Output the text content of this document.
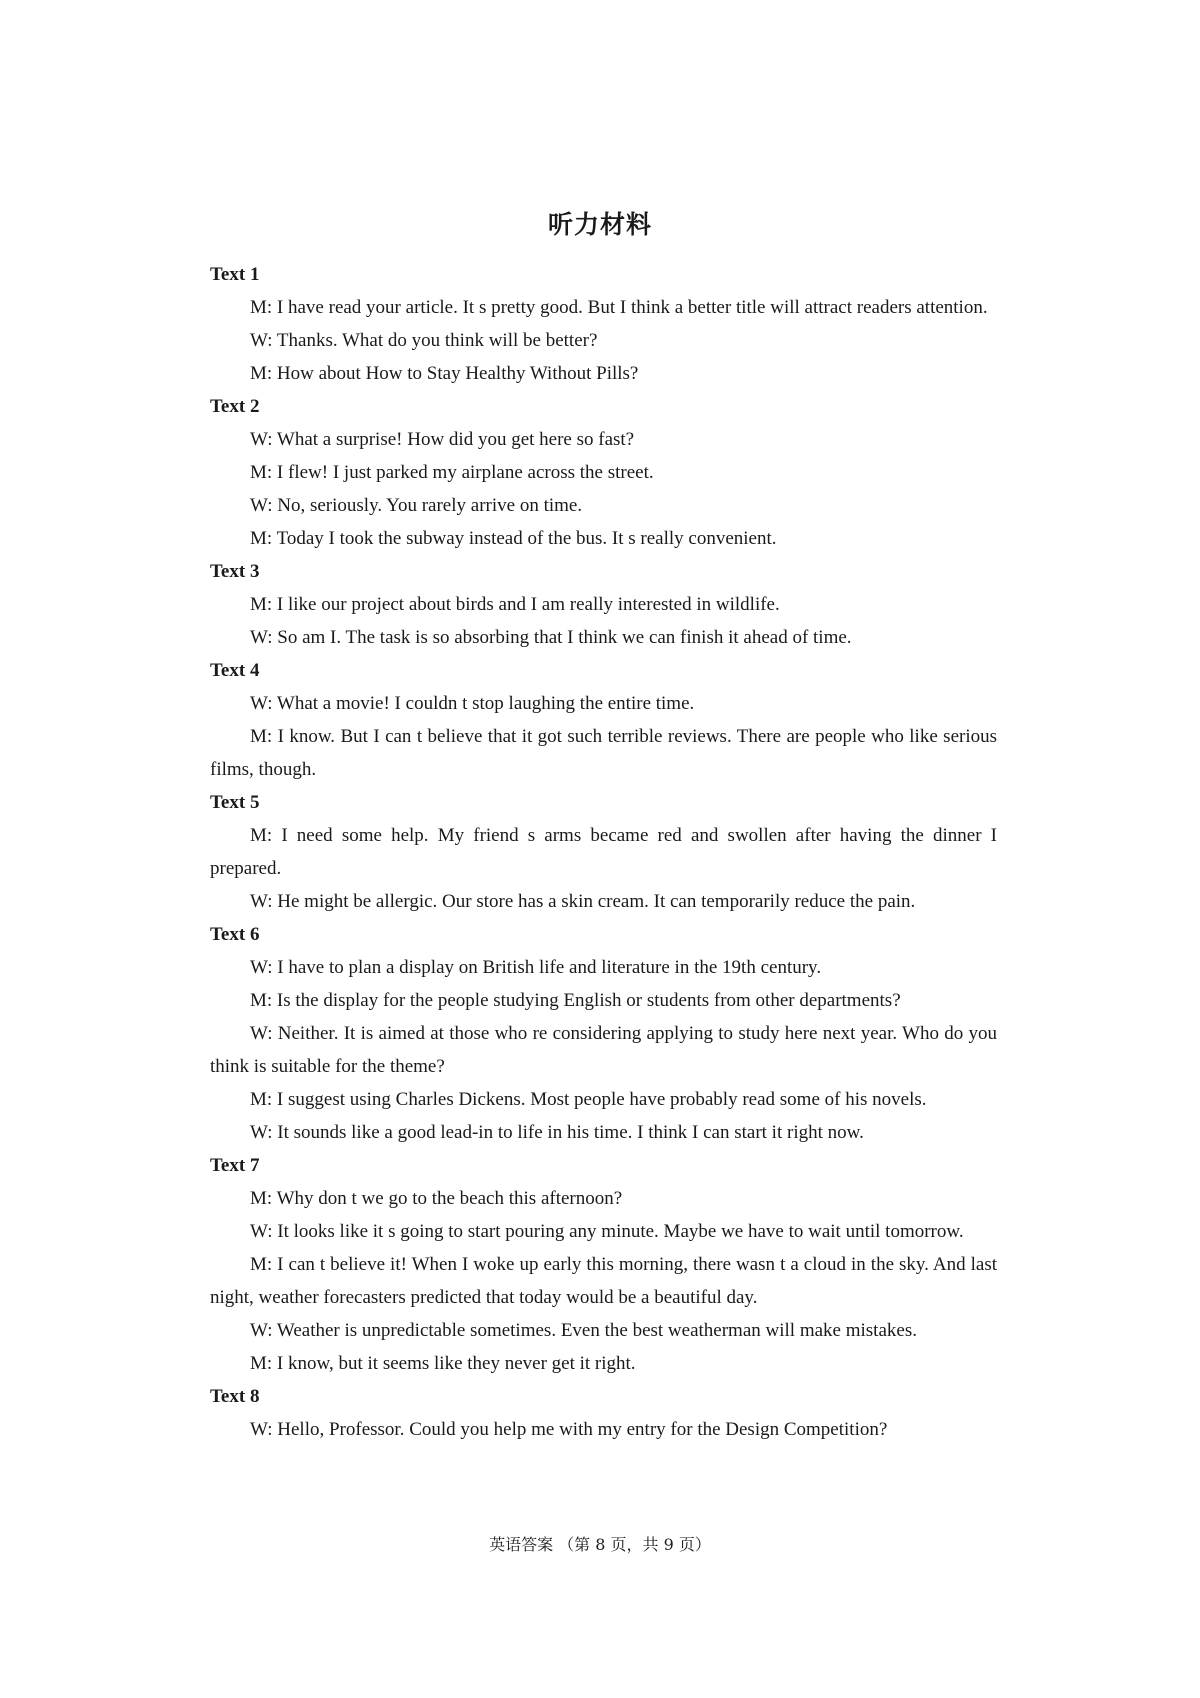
听力材料
Text 1
M: I have read your article. It s pretty good. But I think a better title will attract readers attention.
W: Thanks. What do you think will be better?
M: How about How to Stay Healthy Without Pills?
Text 2
W: What a surprise! How did you get here so fast?
M: I flew! I just parked my airplane across the street.
W: No, seriously. You rarely arrive on time.
M: Today I took the subway instead of the bus. It s really convenient.
Text 3
M: I like our project about birds and I am really interested in wildlife.
W: So am I. The task is so absorbing that I think we can finish it ahead of time.
Text 4
W: What a movie! I couldn t stop laughing the entire time.
M: I know. But I can t believe that it got such terrible reviews. There are people who like serious films, though.
Text 5
M: I need some help. My friend s arms became red and swollen after having the dinner I prepared.
W: He might be allergic. Our store has a skin cream. It can temporarily reduce the pain.
Text 6
W: I have to plan a display on British life and literature in the 19th century.
M: Is the display for the people studying English or students from other departments?
W: Neither. It is aimed at those who re considering applying to study here next year. Who do you think is suitable for the theme?
M: I suggest using Charles Dickens. Most people have probably read some of his novels.
W: It sounds like a good lead-in to life in his time. I think I can start it right now.
Text 7
M: Why don t we go to the beach this afternoon?
W: It looks like it s going to start pouring any minute. Maybe we have to wait until tomorrow.
M: I can t believe it! When I woke up early this morning, there wasn t a cloud in the sky. And last night, weather forecasters predicted that today would be a beautiful day.
W: Weather is unpredictable sometimes. Even the best weatherman will make mistakes.
M: I know, but it seems like they never get it right.
Text 8
W: Hello, Professor. Could you help me with my entry for the Design Competition?
英语答案 （第 8 页，共 9 页）
